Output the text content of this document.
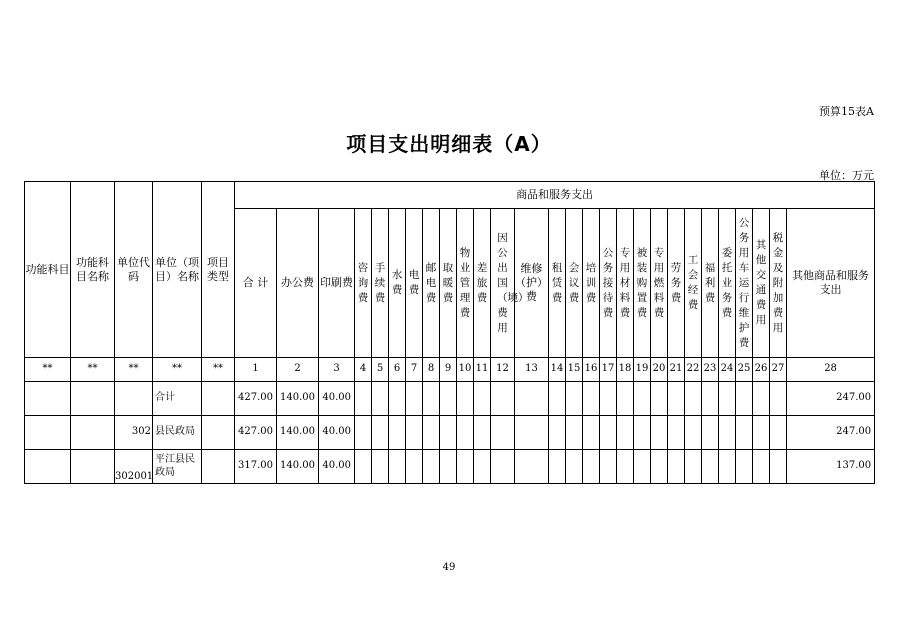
预算15表A
项目支出明细表（A）
单位：万元
功能科目	功能科目名称	单位代码	单位（项目）名称	项目类型	商品和服务支出																											
					合 计	办公费	印刷费	咨询费	手续费	水费	电费	邮电费	取暖费	物业管理费	差旅费	因公出国（境）费用	维修（护）费	租赁费	会议费	培训费	公务接待费	专用材料费	被装购置费	专用燃料费	劳务费	工会经费	福利费	委托业务费	公务用车运行维护费	其他交通费用	税金及附加费用	其他商品和服务支出
**	**	**	**	**	1	2	3	4	5	6	7	8	9	10	11	12	13	14	15	16	17	18	19	20	21	22	23	24	25	26	27	28
			合计		427.00	140.00	40.00																									247.00
		302	县民政局		427.00	140.00	40.00																									247.00
		302001	平江县民政局		317.00	140.00	40.00																									137.00
49
